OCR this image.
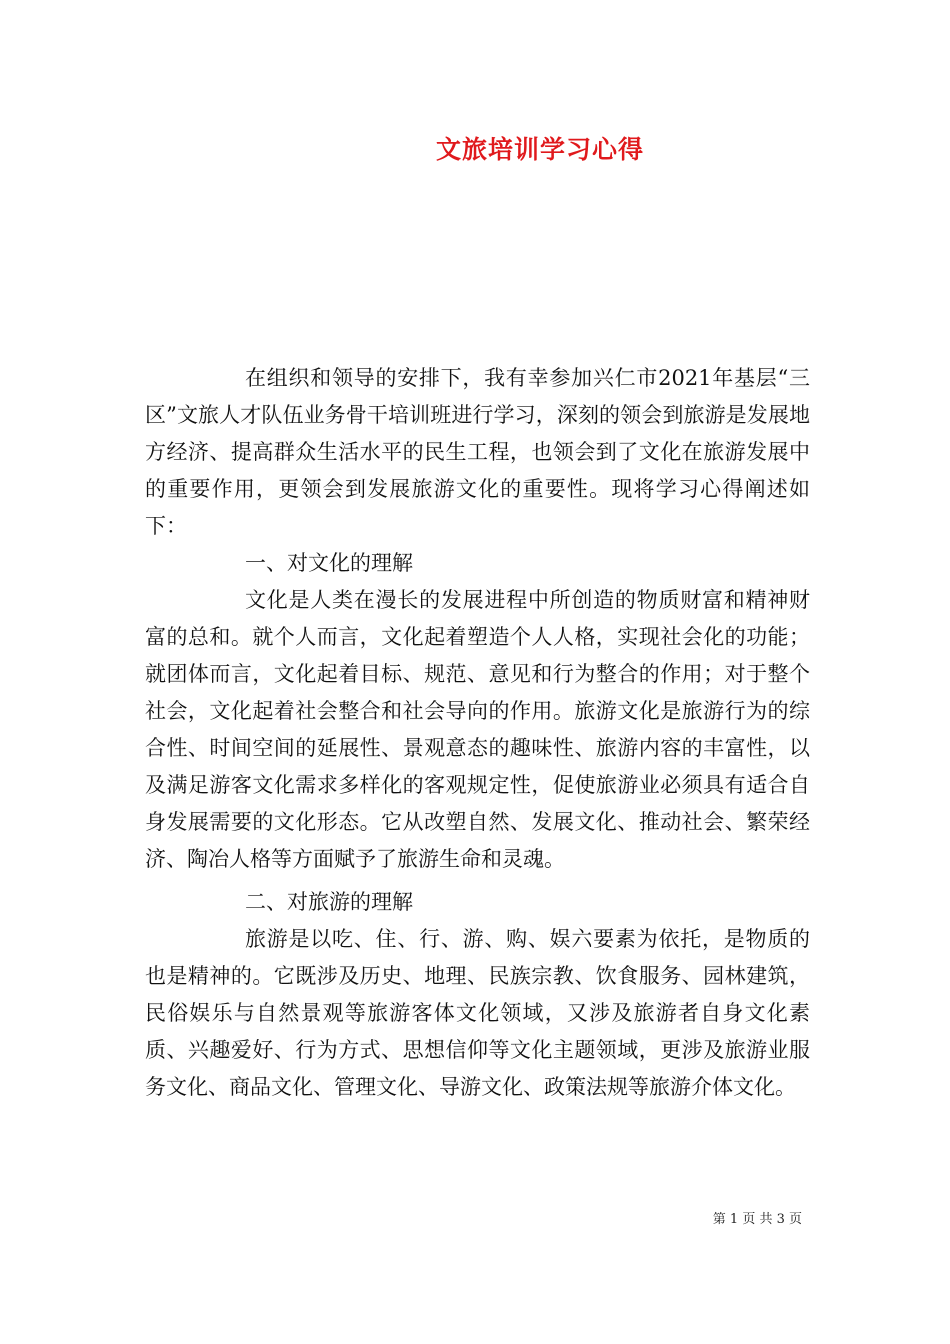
文旅培训学习心得

在组织和领导的安排下，我有幸参加兴仁市2021年基层“三区”文旅人才队伍业务骨干培训班进行学习，深刻的领会到旅游是发展地方经济、提高群众生活水平的民生工程，也领会到了文化在旅游发展中的重要作用，更领会到发展旅游文化的重要性。现将学习心得阐述如下：

一、对文化的理解

文化是人类在漫长的发展进程中所创造的物质财富和精神财富的总和。就个人而言，文化起着塑造个人人格，实现社会化的功能；就团体而言，文化起着目标、规范、意见和行为整合的作用；对于整个社会，文化起着社会整合和社会导向的作用。旅游文化是旅游行为的综合性、时间空间的延展性、景观意态的趣味性、旅游内容的丰富性，以及满足游客文化需求多样化的客观规定性，促使旅游业必须具有适合自身发展需要的文化形态。它从改塑自然、发展文化、推动社会、繁荣经济、陶冶人格等方面赋予了旅游生命和灵魂。

二、对旅游的理解

旅游是以吃、住、行、游、购、娱六要素为依托，是物质的也是精神的。它既涉及历史、地理、民族宗教、饮食服务、园林建筑，民俗娱乐与自然景观等旅游客体文化领域，又涉及旅游者自身文化素质、兴趣爱好、行为方式、思想信仰等文化主题领域，更涉及旅游业服务文化、商品文化、管理文化、导游文化、政策法规等旅游介体文化。

第 1 页 共 3 页
